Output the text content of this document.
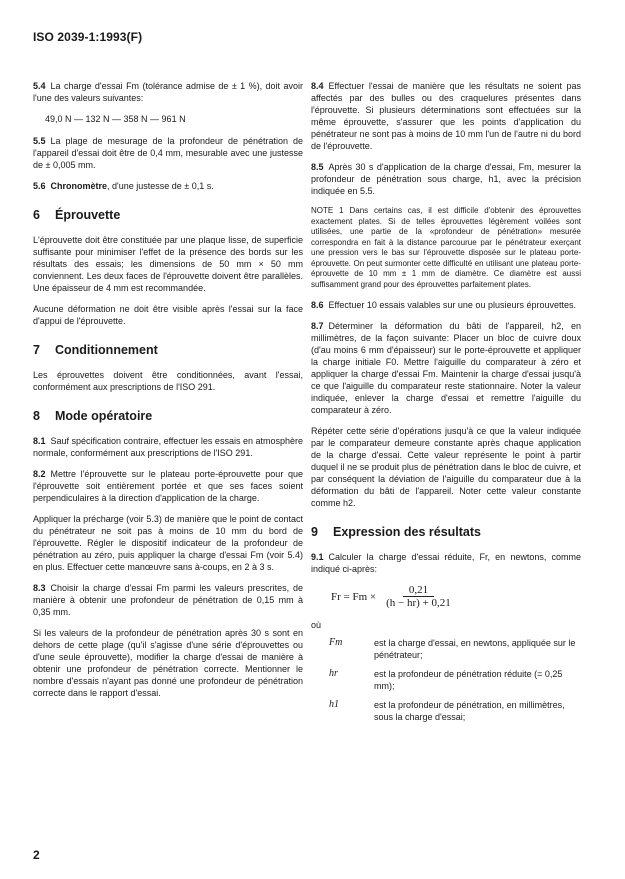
ISO 2039-1:1993(F)

5.4 La charge d'essai Fm (tolérance admise de ± 1 %), doit avoir l'une des valeurs suivantes:

49,0 N — 132 N — 358 N — 961 N

5.5 La plage de mesurage de la profondeur de pénétration de l'appareil d'essai doit être de 0,4 mm, mesurable avec une justesse de ± 0,005 mm.

5.6 Chronomètre, d'une justesse de ± 0,1 s.

6 Éprouvette

L'éprouvette doit être constituée par une plaque lisse, de superficie suffisante pour minimiser l'effet de la présence des bords sur les résultats des essais; les dimensions de 50 mm × 50 mm conviennent. Les deux faces de l'éprouvette doivent être parallèles. Une épaisseur de 4 mm est recommandée.

Aucune déformation ne doit être visible après l'essai sur la face d'appui de l'éprouvette.

7 Conditionnement

Les éprouvettes doivent être conditionnées, avant l'essai, conformément aux prescriptions de l'ISO 291.

8 Mode opératoire

8.1 Sauf spécification contraire, effectuer les essais en atmosphère normale, conformément aux prescriptions de l'ISO 291.

8.2 Mettre l'éprouvette sur le plateau porte-éprouvette pour que l'éprouvette soit entièrement portée et que ses faces soient perpendiculaires à la direction d'application de la charge.

Appliquer la précharge (voir 5.3) de manière que le point de contact du pénétrateur ne soit pas à moins de 10 mm du bord de l'éprouvette. Régler le dispositif indicateur de la profondeur de pénétration au zéro, puis appliquer la charge d'essai Fm (voir 5.4) en plus. Effectuer cette manœuvre sans à-coups, en 2 à 3 s.

8.3 Choisir la charge d'essai Fm parmi les valeurs prescrites, de manière à obtenir une profondeur de pénétration de 0,15 mm à 0,35 mm.

Si les valeurs de la profondeur de pénétration après 30 s sont en dehors de cette plage (qu'il s'agisse d'une série d'éprouvettes ou d'une seule éprouvette), modifier la charge d'essai de manière à obtenir une profondeur de pénétration correcte. Mentionner le nombre d'essais n'ayant pas donné une profondeur de pénétration correcte dans le rapport d'essai.

8.4 Effectuer l'essai de manière que les résultats ne soient pas affectés par des bulles ou des craquelures présentes dans l'éprouvette. Si plusieurs déterminations sont effectuées sur la même éprouvette, s'assurer que les points d'application du pénétrateur ne sont pas à moins de 10 mm l'un de l'autre ni du bord de l'éprouvette.

8.5 Après 30 s d'application de la charge d'essai, Fm, mesurer la profondeur de pénétration sous charge, h1, avec la précision indiquée en 5.5.

NOTE 1 Dans certains cas, il est difficile d'obtenir des éprouvettes exactement plates. Si de telles éprouvettes légèrement voilées sont utilisées, une partie de la «profondeur de pénétration» mesurée correspondra en fait à la distance parcourue par le pénétrateur exerçant une pression vers le bas sur l'éprouvette disposée sur le plateau porte-éprouvette. On peut surmonter cette difficulté en utilisant une plateau porte-éprouvette de 10 mm ± 1 mm de diamètre. Ce diamètre est aussi suffisamment grand pour des éprouvettes parfaitement plates.

8.6 Effectuer 10 essais valables sur une ou plusieurs éprouvettes.

8.7 Déterminer la déformation du bâti de l'appareil, h2, en millimètres, de la façon suivante: Placer un bloc de cuivre doux (d'au moins 6 mm d'épaisseur) sur le porte-éprouvette et appliquer la charge initiale F0. Mettre l'aiguille du comparateur à zéro et appliquer la charge d'essai Fm. Maintenir la charge d'essai jusqu'à ce que l'aiguille du comparateur reste stationnaire. Noter la valeur indiquée, enlever la charge d'essai et remettre l'aiguille du comparateur à zéro.

Répéter cette série d'opérations jusqu'à ce que la valeur indiquée par le comparateur demeure constante après chaque application de la charge d'essai. Cette valeur représente le point à partir duquel il ne se produit plus de pénétration dans le bloc de cuivre, et par conséquent la déviation de l'aiguille du comparateur due à la déformation du bâti de l'appareil. Noter cette valeur constante comme h2.

9 Expression des résultats

9.1 Calculer la charge d'essai réduite, Fr, en newtons, comme indiqué ci-après:

$Fr = Fm \times \frac{0,21}{(h - hr) + 0,21}$
où
Fm	est la charge d'essai, en newtons, appliquée sur le pénétrateur;
hr	est la profondeur de pénétration réduite (= 0,25 mm);
h1	est la profondeur de pénétration, en millimètres, sous la charge d'essai;
2
